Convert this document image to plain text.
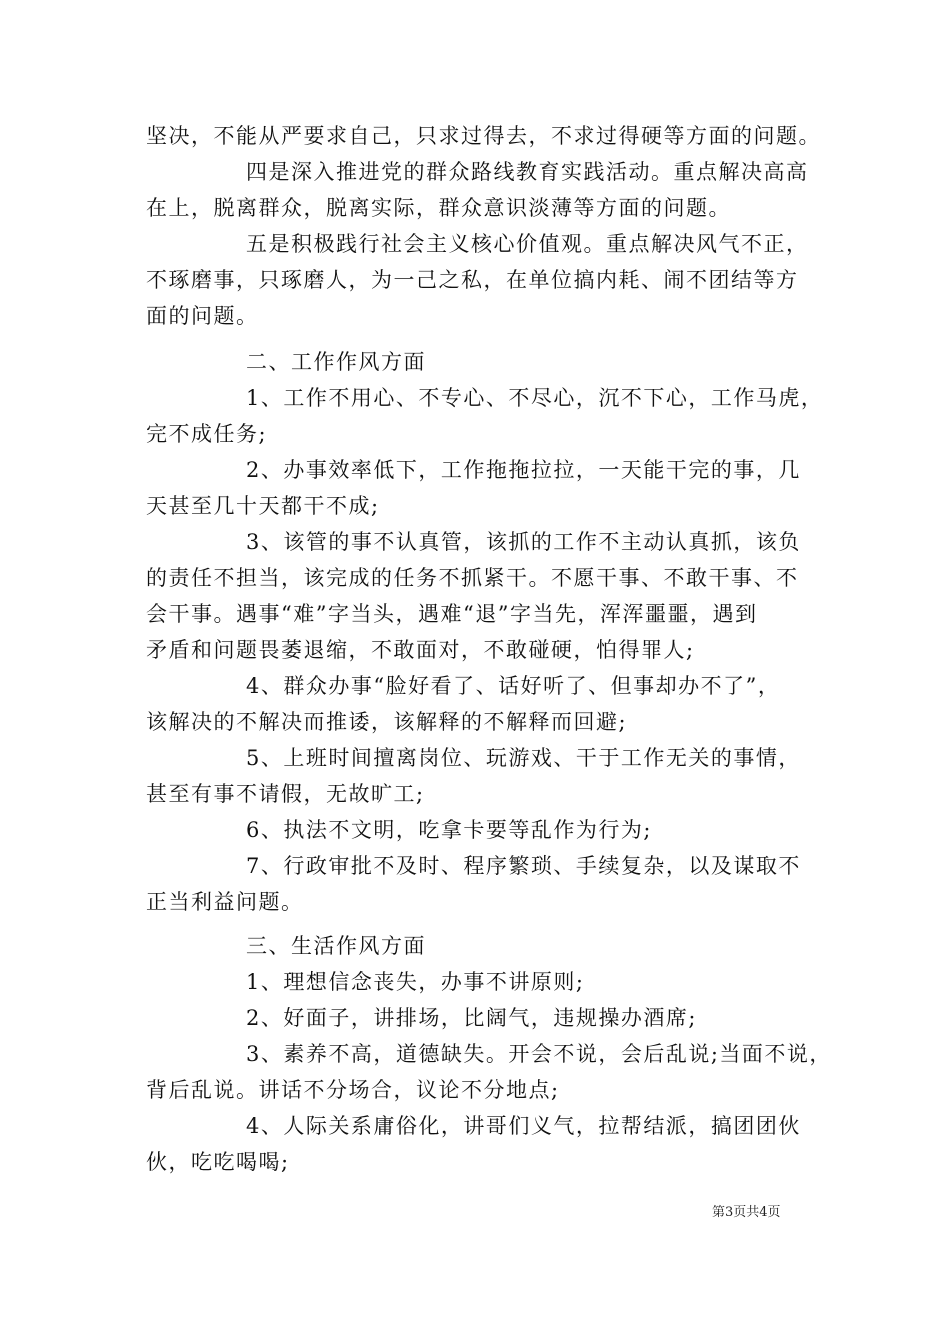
坚决，不能从严要求自己，只求过得去，不求过得硬等方面的问题。
四是深入推进党的群众路线教育实践活动。重点解决高高
在上，脱离群众，脱离实际，群众意识淡薄等方面的问题。
五是积极践行社会主义核心价值观。重点解决风气不正，
不琢磨事，只琢磨人，为一己之私，在单位搞内耗、闹不团结等方
面的问题。
二、工作作风方面
1、工作不用心、不专心、不尽心，沉不下心，工作马虎，
完不成任务;
2、办事效率低下，工作拖拖拉拉，一天能干完的事，几
天甚至几十天都干不成;
3、该管的事不认真管，该抓的工作不主动认真抓，该负
的责任不担当，该完成的任务不抓紧干。不愿干事、不敢干事、不
会干事。遇事“难”字当头，遇难“退”字当先，浑浑噩噩，遇到
矛盾和问题畏萎退缩，不敢面对，不敢碰硬，怕得罪人;
4、群众办事“脸好看了、话好听了、但事却办不了”，
该解决的不解决而推诿，该解释的不解释而回避;
5、上班时间擅离岗位、玩游戏、干于工作无关的事情，
甚至有事不请假，无故旷工;
6、执法不文明，吃拿卡要等乱作为行为;
7、行政审批不及时、程序繁琐、手续复杂，以及谋取不
正当利益问题。
三、生活作风方面
1、理想信念丧失，办事不讲原则;
2、好面子，讲排场，比阔气，违规操办酒席;
3、素养不高，道德缺失。开会不说，会后乱说;当面不说，
背后乱说。讲话不分场合，议论不分地点;
4、人际关系庸俗化，讲哥们义气，拉帮结派，搞团团伙
伙，吃吃喝喝;
第3页共4页
